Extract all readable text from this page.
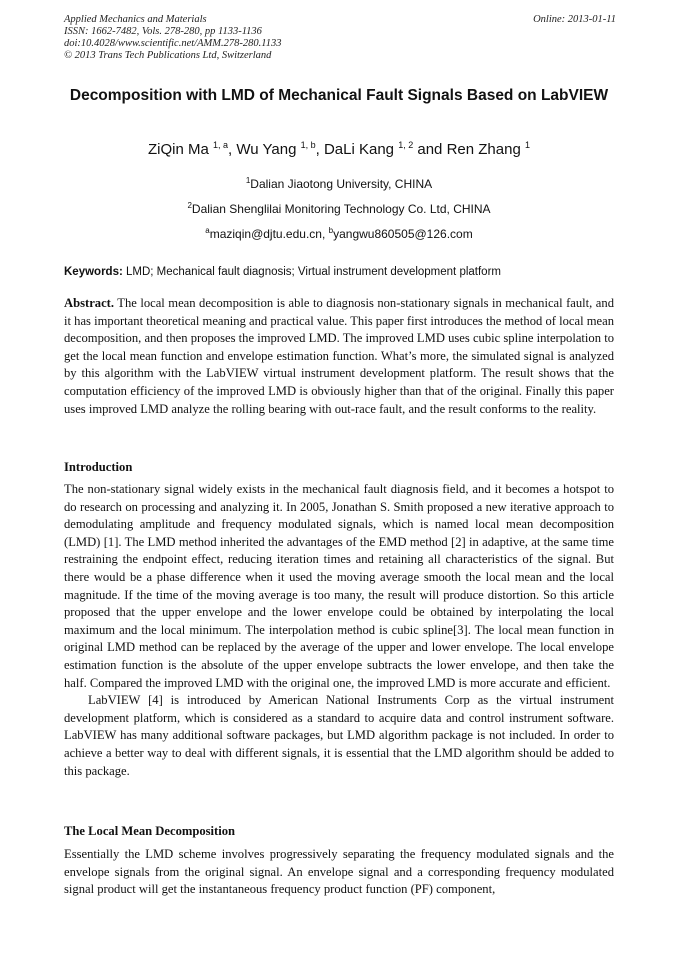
Applied Mechanics and Materials
ISSN: 1662-7482, Vols. 278-280, pp 1133-1136
doi:10.4028/www.scientific.net/AMM.278-280.1133
© 2013 Trans Tech Publications Ltd, Switzerland
Online: 2013-01-11
Decomposition with LMD of Mechanical Fault Signals Based on LabVIEW
ZiQin Ma $^{1, a}$, Wu Yang $^{1, b}$, DaLi Kang $^{1, 2}$ and Ren Zhang $^1$
$^1$Dalian Jiaotong University, CHINA
$^2$Dalian Shenglilai Monitoring Technology Co. Ltd, CHINA
$^a$maziqin@djtu.edu.cn, $^b$yangwu860505@126.com
Keywords: LMD; Mechanical fault diagnosis; Virtual instrument development platform
Abstract. The local mean decomposition is able to diagnosis non-stationary signals in mechanical fault, and it has important theoretical meaning and practical value. This paper first introduces the method of local mean decomposition, and then proposes the improved LMD. The improved LMD uses cubic spline interpolation to get the local mean function and envelope estimation function. What’s more, the simulated signal is analyzed by this algorithm with the LabVIEW virtual instrument development platform. The result shows that the computation efficiency of the improved LMD is obviously higher than that of the original. Finally this paper uses improved LMD analyze the rolling bearing with out-race fault, and the result conforms to the reality.
Introduction
The non-stationary signal widely exists in the mechanical fault diagnosis field, and it becomes a hotspot to do research on processing and analyzing it. In 2005, Jonathan S. Smith proposed a new iterative approach to demodulating amplitude and frequency modulated signals, which is named local mean decomposition (LMD) [1]. The LMD method inherited the advantages of the EMD method [2] in adaptive, at the same time restraining the endpoint effect, reducing iteration times and retaining all characteristics of the signal. But there would be a phase difference when it used the moving average smooth the local mean and the local magnitude. If the time of the moving average is too many, the result will produce distortion. So this article proposed that the upper envelope and the lower envelope could be obtained by interpolating the local maximum and the local minimum. The interpolation method is cubic spline[3]. The local mean function in original LMD method can be replaced by the average of the upper and lower envelope. The local envelope estimation function is the absolute of the upper envelope subtracts the lower envelope, and then take the half. Compared the improved LMD with the original one, the improved LMD is more accurate and efficient.
LabVIEW [4] is introduced by American National Instruments Corp as the virtual instrument development platform, which is considered as a standard to acquire data and control instrument software. LabVIEW has many additional software packages, but LMD algorithm package is not included. In order to achieve a better way to deal with different signals, it is essential that the LMD algorithm should be added to this package.
The Local Mean Decomposition
Essentially the LMD scheme involves progressively separating the frequency modulated signals and the envelope signals from the original signal. An envelope signal and a corresponding frequency modulated signal product will get the instantaneous frequency product function (PF) component,
